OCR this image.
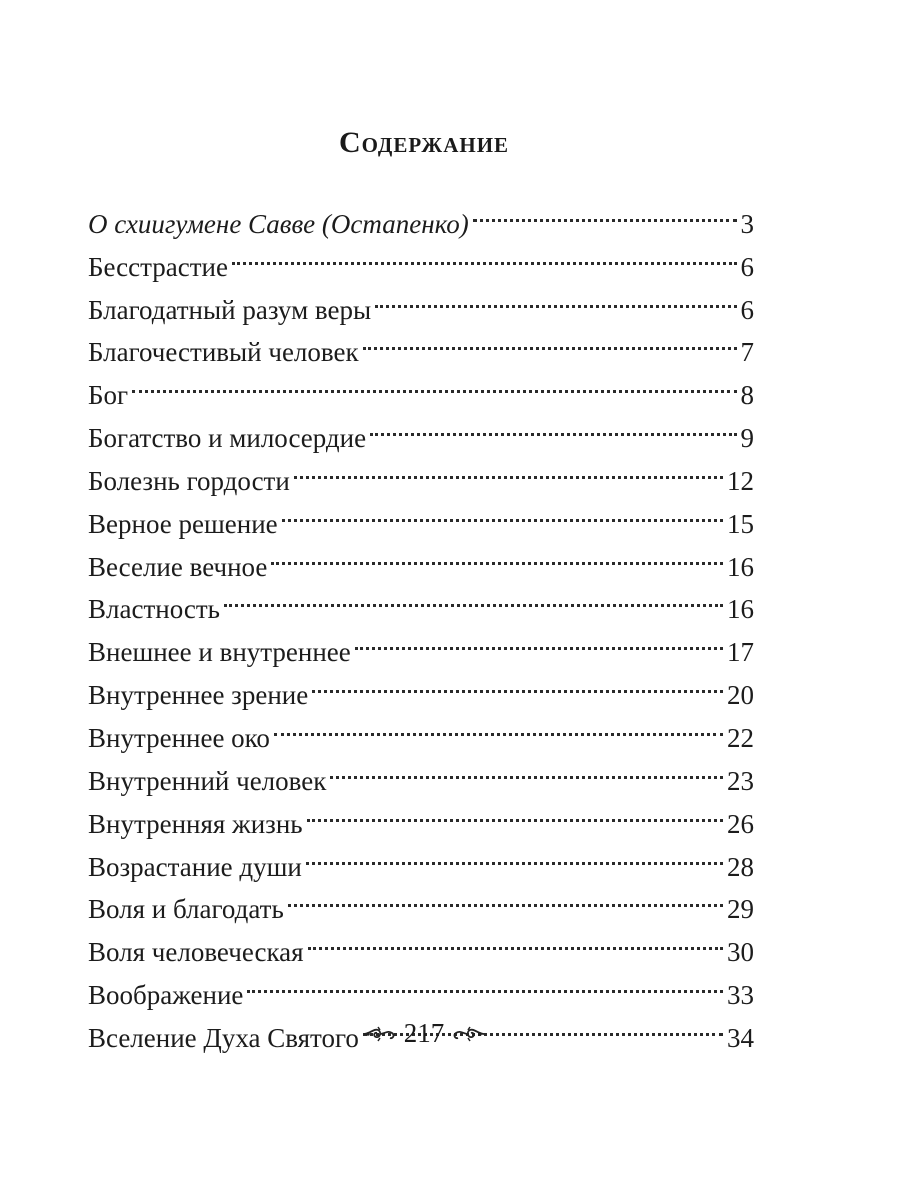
Содержание
О схиигумене Савве (Остапенко)	3
Бесстрастие	6
Благодатный разум веры	6
Благочестивый человек	7
Бог	8
Богатство и милосердие	9
Болезнь гордости	12
Верное решение	15
Веселие вечное	16
Властность	16
Внешнее и внутреннее	17
Внутреннее зрение	20
Внутреннее око	22
Внутренний человек	23
Внутренняя жизнь	26
Возрастание души	28
Воля и благодать	29
Воля человеческая	30
Воображение	33
Вселение Духа Святого	34
217
